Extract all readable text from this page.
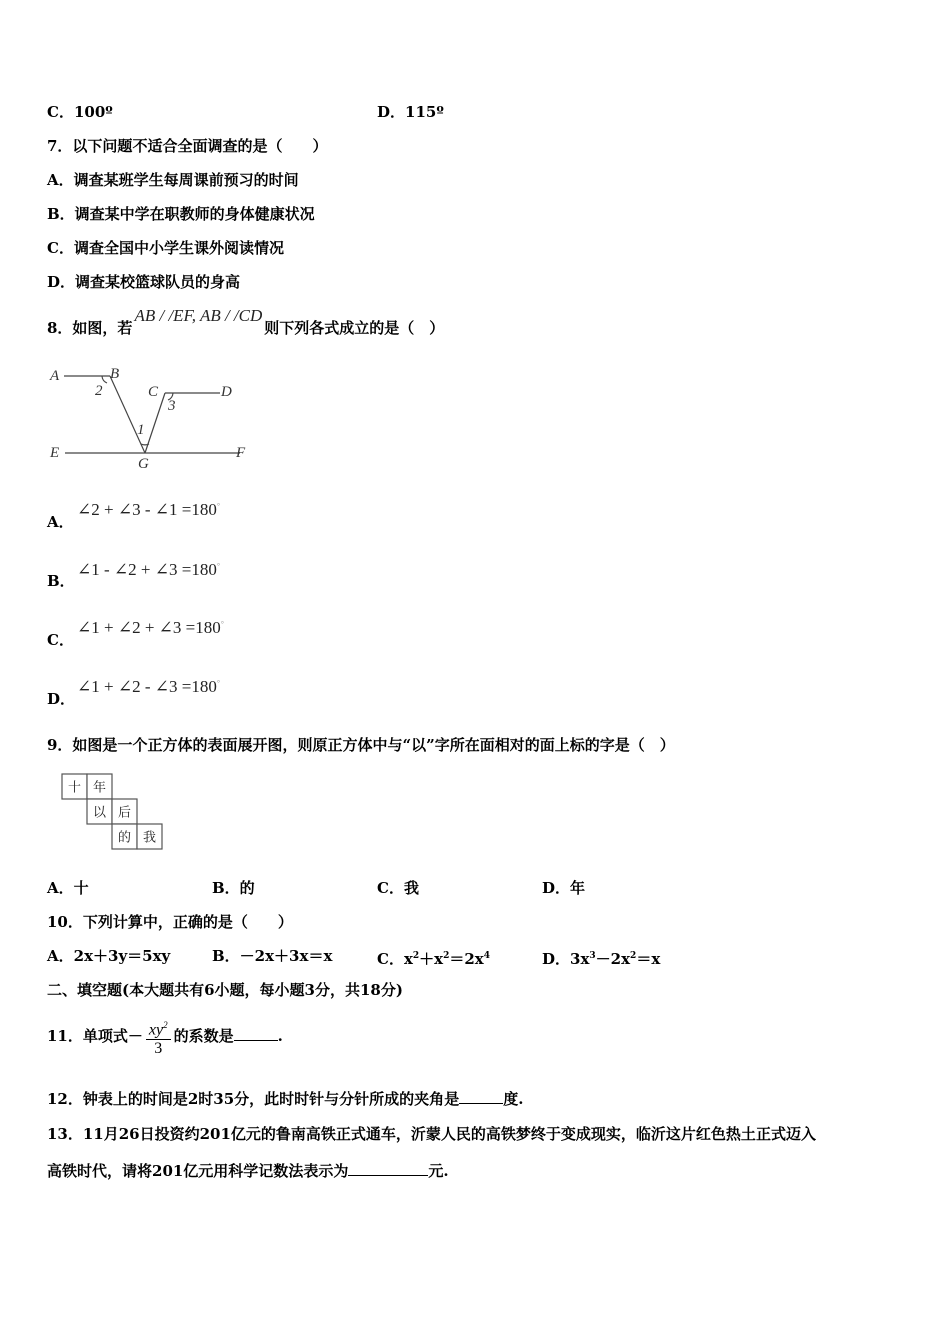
C．100º	D．115º
7．以下问题不适合全面调查的是（　　）
A．调查某班学生每周课前预习的时间
B．调查某中学在职教师的身体健康状况
C．调查全国中小学生课外阅读情况
D．调查某校篮球队员的身高
8．如图，若AB / /EF, AB / /CD则下列各式成立的是（　）
A	B
C	D
E	F
G
2
3
1
A．
∠2 + ∠3 - ∠1 =180°
B．
∠1 - ∠2 + ∠3 =180°
C．
∠1 + ∠2 + ∠3 =180°
D．
∠1 + ∠2 - ∠3 =180°
9．如图是一个正方体的表面展开图，则原正方体中与“以”字所在面相对的面上标的字是（　）
十 年
以 后
的 我
A．十	B．的	C．我	D．年
10．下列计算中，正确的是（　　）
A．2x＋3y＝5xy	B．－2x＋3x＝x	C．$x^2+x^2=2x^4$	D．$3x^3-2x^2=x$
二、填空题(本大题共有6小题，每小题3分，共18分)
11．单项式－ $\frac{xy^2}{3}$ 的系数是	.
12．钟表上的时间是2时35分，此时时针与分针所成的夹角是	度.
13．11月26日投资约201亿元的鲁南高铁正式通车，沂蒙人民的高铁梦终于变成现实，临沂这片红色热土正式迈入
高铁时代，请将201亿元用科学记数法表示为	元.
